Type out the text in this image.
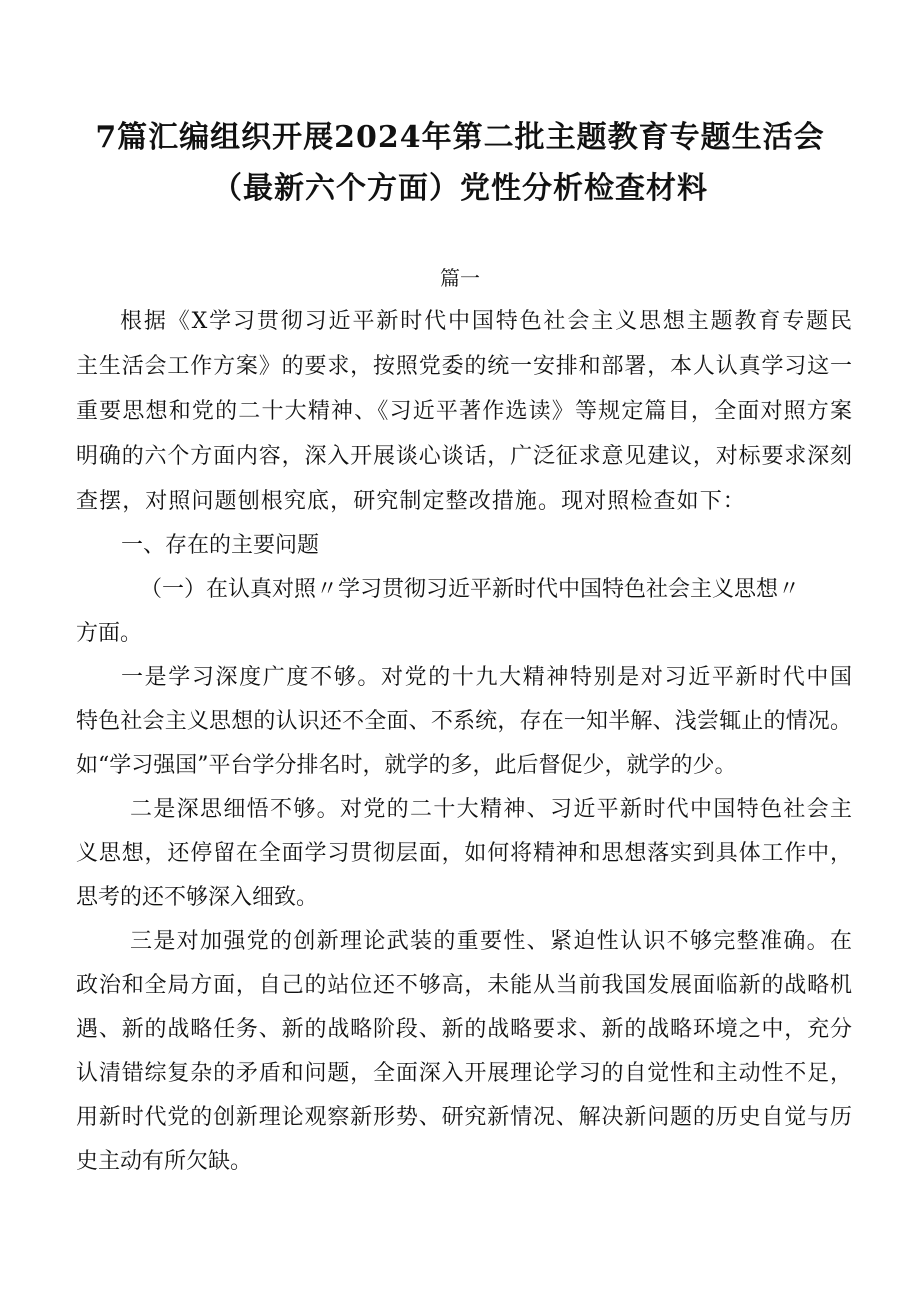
7篇汇编组织开展2024年第二批主题教育专题生活会
（最新六个方面）党性分析检查材料
篇一
根据《X学习贯彻习近平新时代中国特色社会主义思想主题教育专题民
主生活会工作方案》的要求，按照党委的统一安排和部署，本人认真学习这一
重要思想和党的二十大精神、《习近平著作选读》等规定篇目，全面对照方案
明确的六个方面内容，深入开展谈心谈话，广泛征求意见建议，对标要求深刻
查摆，对照问题刨根究底，研究制定整改措施。现对照检查如下：
一、存在的主要问题
（一）在认真对照〃学习贯彻习近平新时代中国特色社会主义思想〃
方面。
一是学习深度广度不够。对党的十九大精神特别是对习近平新时代中国
特色社会主义思想的认识还不全面、不系统，存在一知半解、浅尝辄止的情况。
如“学习强国”平台学分排名时，就学的多，此后督促少，就学的少。
二是深思细悟不够。对党的二十大精神、习近平新时代中国特色社会主
义思想，还停留在全面学习贯彻层面，如何将精神和思想落实到具体工作中，
思考的还不够深入细致。
三是对加强党的创新理论武装的重要性、紧迫性认识不够完整准确。在
政治和全局方面，自己的站位还不够高，未能从当前我国发展面临新的战略机
遇、新的战略任务、新的战略阶段、新的战略要求、新的战略环境之中，充分
认清错综复杂的矛盾和问题，全面深入开展理论学习的自觉性和主动性不足，
用新时代党的创新理论观察新形势、研究新情况、解决新问题的历史自觉与历
史主动有所欠缺。
